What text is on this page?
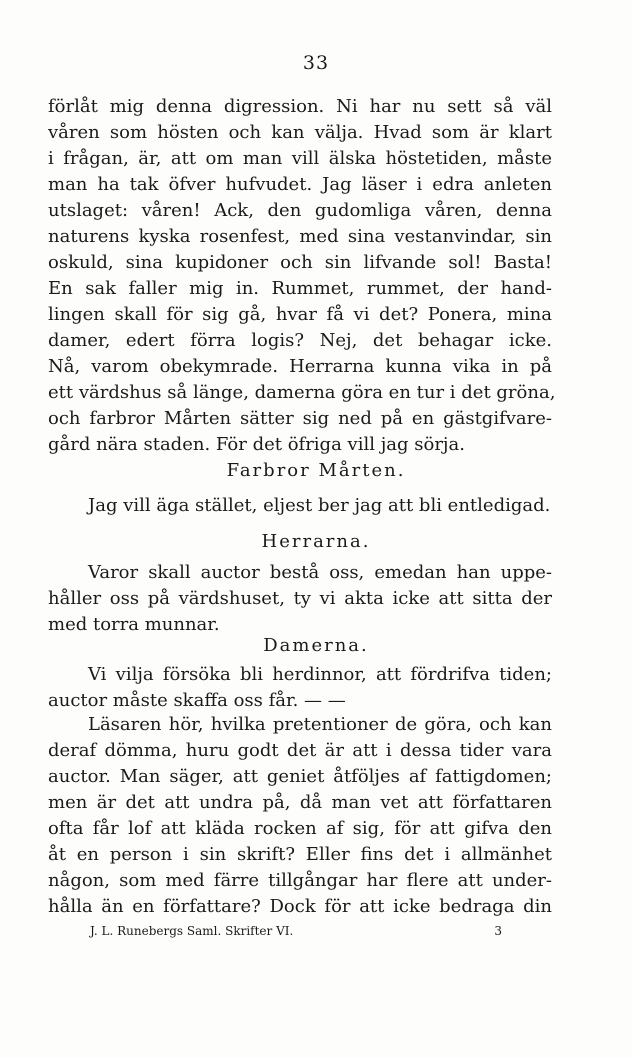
33
förlåt mig denna digression. Ni har nu sett så väl
våren som hösten och kan välja. Hvad som är klart
i frågan, är, att om man vill älska höstetiden, måste
man ha tak öfver hufvudet. Jag läser i edra anleten
utslaget: våren! Ack, den gudomliga våren, denna
naturens kyska rosenfest, med sina vestanvindar, sin
oskuld, sina kupidoner och sin lifvande sol! Basta!
En sak faller mig in. Rummet, rummet, der hand-
lingen skall för sig gå, hvar få vi det? Ponera, mina
damer, edert förra logis? Nej, det behagar icke.
Nå, varom obekymrade. Herrarna kunna vika in på
ett värdshus så länge, damerna göra en tur i det gröna,
och farbror Mårten sätter sig ned på en gästgifvare-
gård nära staden. För det öfriga vill jag sörja.
Farbror Mårten.
Jag vill äga stället, eljest ber jag att bli entledigad.
Herrarna.
Varor skall auctor bestå oss, emedan han uppe-
håller oss på värdshuset, ty vi akta icke att sitta der
med torra munnar.
Damerna.
Vi vilja försöka bli herdinnor, att fördrifva tiden;
auctor måste skaffa oss får. — —
Läsaren hör, hvilka pretentioner de göra, och kan
deraf dömma, huru godt det är att i dessa tider vara
auctor. Man säger, att geniet åtföljes af fattigdomen;
men är det att undra på, då man vet att författaren
ofta får lof att kläda rocken af sig, för att gifva den
åt en person i sin skrift? Eller fins det i allmänhet
någon, som med färre tillgångar har flere att under-
hålla än en författare? Dock för att icke bedraga din
J. L. Runebergs Saml. Skrifter VI.	3
